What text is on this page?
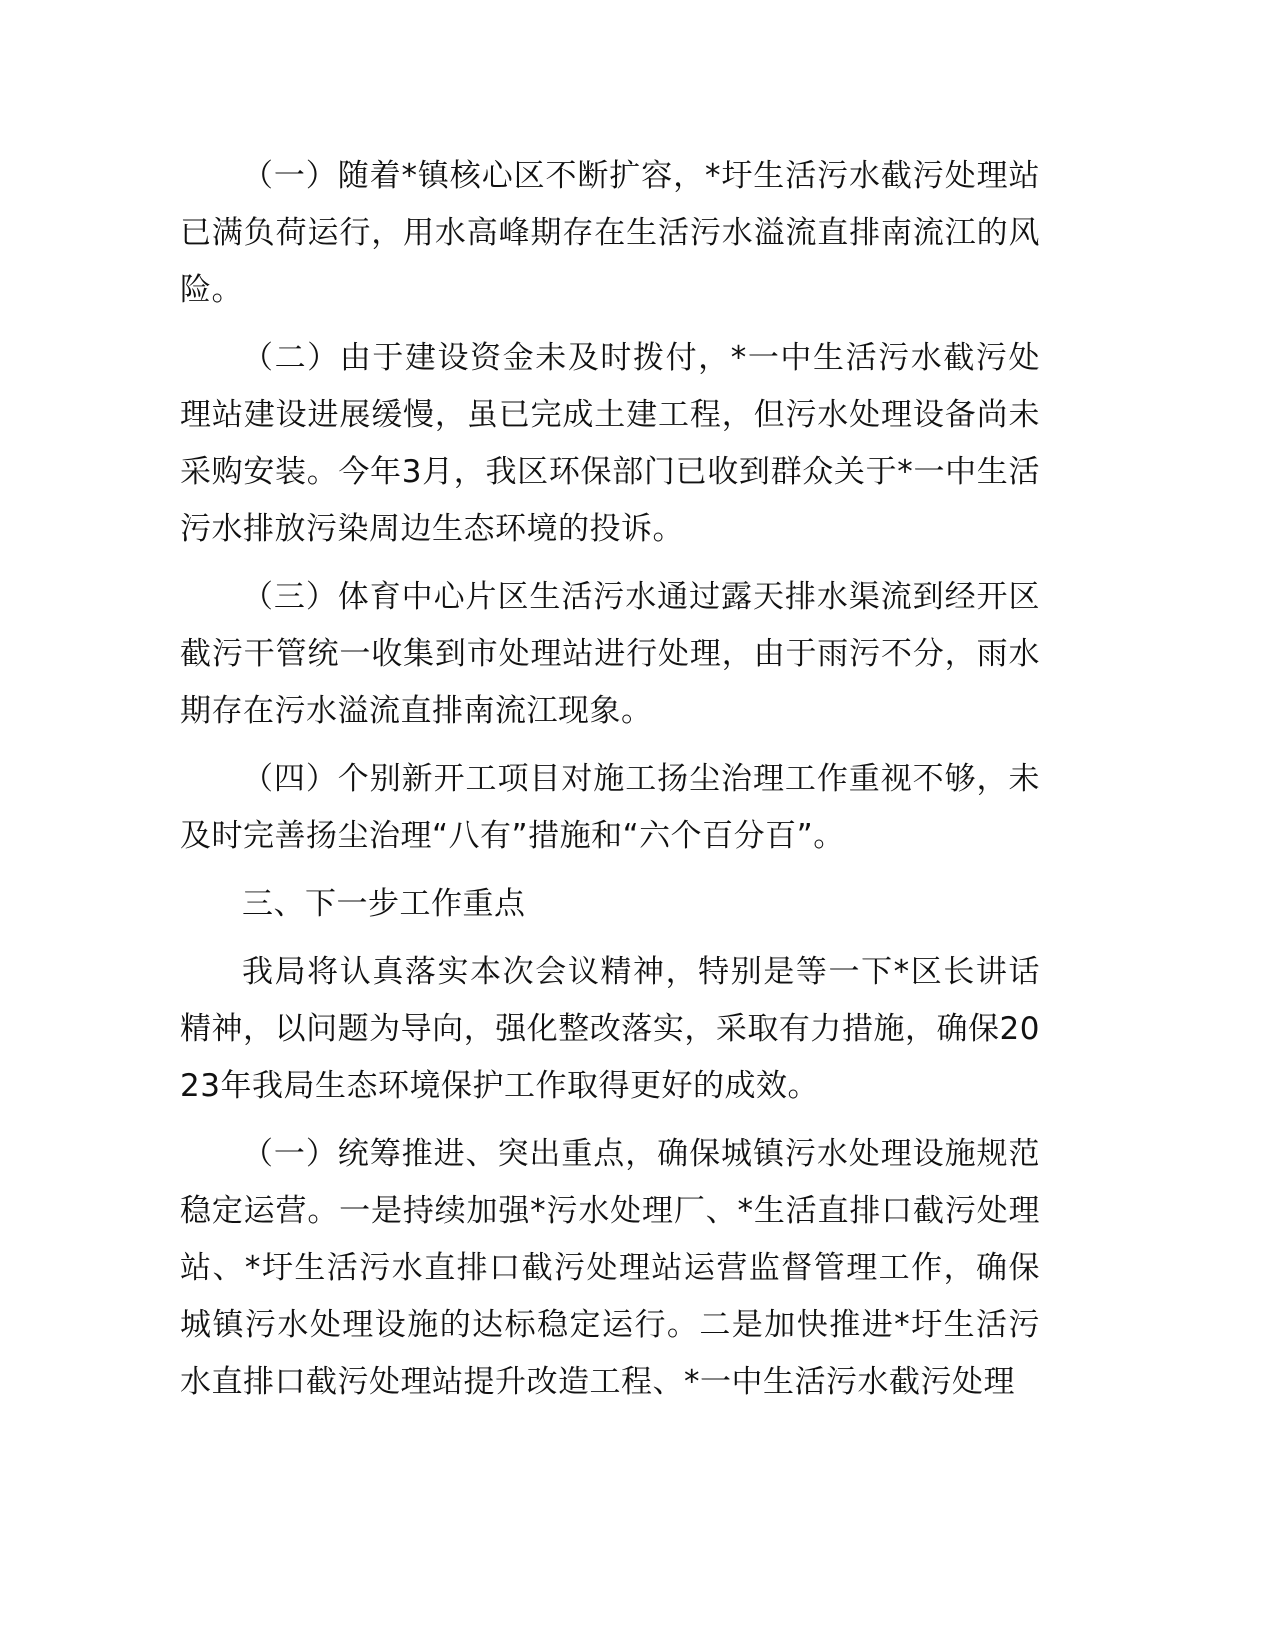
（一）随着*镇核心区不断扩容，*圩生活污水截污处理站已满负荷运行，用水高峰期存在生活污水溢流直排南流江的风险。

（二）由于建设资金未及时拨付，*一中生活污水截污处理站建设进展缓慢，虽已完成土建工程，但污水处理设备尚未采购安装。今年3月，我区环保部门已收到群众关于*一中生活污水排放污染周边生态环境的投诉。

（三）体育中心片区生活污水通过露天排水渠流到经开区截污干管统一收集到市处理站进行处理，由于雨污不分，雨水期存在污水溢流直排南流江现象。

（四）个别新开工项目对施工扬尘治理工作重视不够，未及时完善扬尘治理“八有”措施和“六个百分百”。

三、下一步工作重点

我局将认真落实本次会议精神，特别是等一下*区长讲话精神，以问题为导向，强化整改落实，采取有力措施，确保2023年我局生态环境保护工作取得更好的成效。

（一）统筹推进、突出重点，确保城镇污水处理设施规范稳定运营。一是持续加强*污水处理厂、*生活直排口截污处理站、*圩生活污水直排口截污处理站运营监督管理工作，确保城镇污水处理设施的达标稳定运行。二是加快推进*圩生活污水直排口截污处理站提升改造工程、*一中生活污水截污处理
